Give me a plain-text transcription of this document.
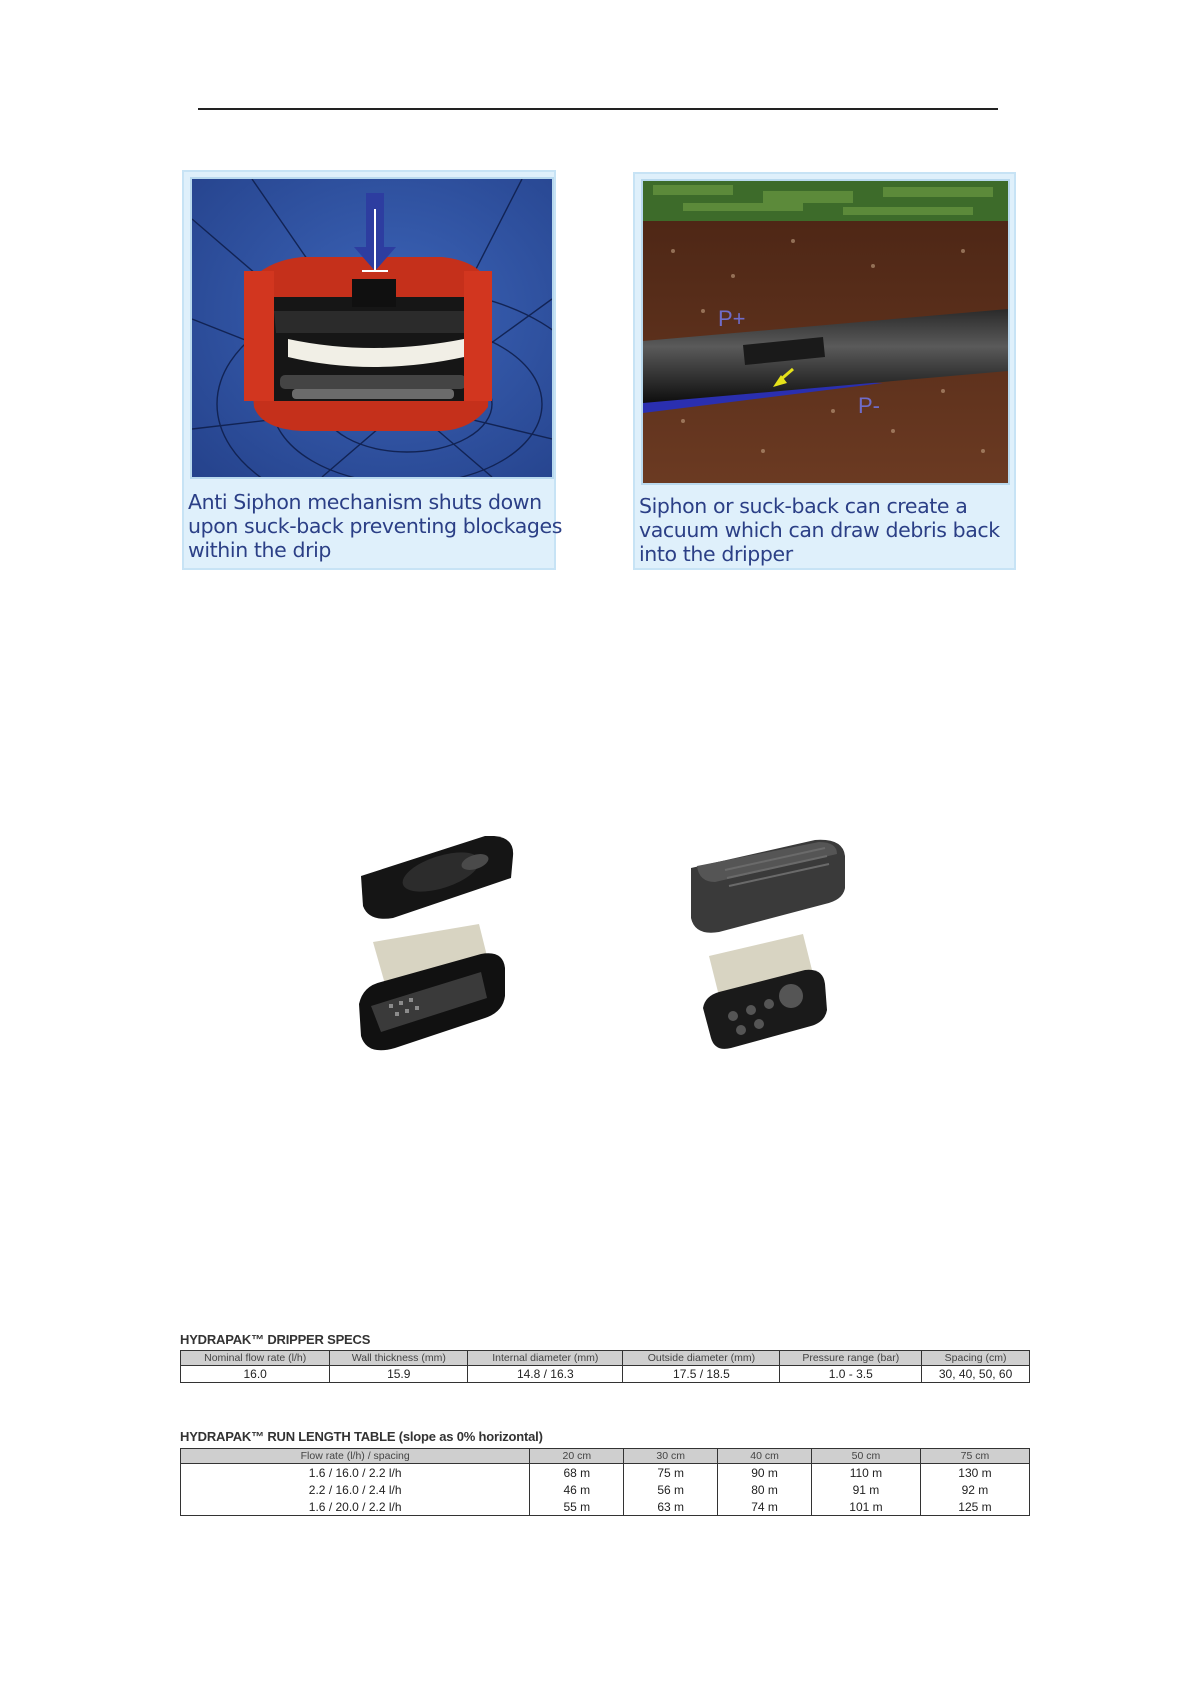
Anti Siphon mechanism shuts down
upon suck-back preventing blockages
within the drip
P+
P-
Siphon or suck-back can create a
vacuum which can draw debris back
into the dripper
HYDRAPAK™ DRIPPER SPECS
Nominal flow rate (l/h)	Wall thickness (mm)	Internal diameter (mm)	Outside diameter (mm)	Pressure range (bar)	Spacing (cm)
16.0	15.9	14.8 / 16.3	17.5 / 18.5	1.0 - 3.5	30, 40, 50, 60
HYDRAPAK™ RUN LENGTH TABLE (slope as 0% horizontal)
Flow rate (l/h) / spacing	20 cm	30 cm	40 cm	50 cm	75 cm
1.6 / 16.0 / 2.2 l/h	68 m	75 m	90 m	110 m	130 m
2.2 / 16.0 / 2.4 l/h	46 m	56 m	80 m	91 m	92 m
1.6 / 20.0 / 2.2 l/h	55 m	63 m	74 m	101 m	125 m
